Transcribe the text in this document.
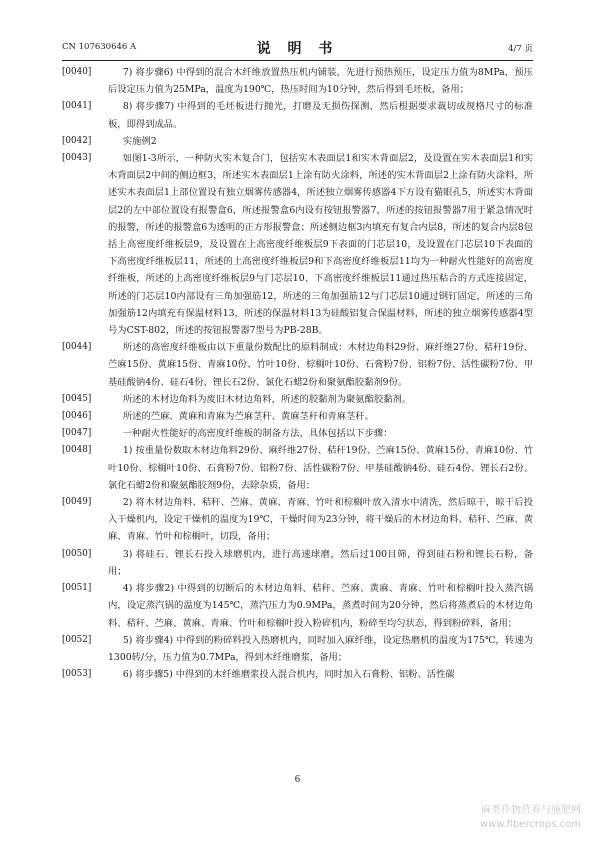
CN 107630646 A	说 明 书	4/7 页
[0040]	7) 将步骤6) 中得到的混合木纤维放置热压机内铺装，先进行预热预压，设定压力值为8MPa，预压后设定压力值为25MPa，温度为190℃，热压时间为10分钟，然后得到毛坯板，备用；
[0041]	8) 将步骤7) 中得到的毛坯板进行抛光，打磨及无损伤探测，然后根据要求裁切成规格尺寸的标准板，即得到成品。
[0042]	实施例2
[0043]	如图1-3所示，一种防火实木复合门，包括实木表面层1和实木背面层2，及设置在实木表面层1和实木背面层2中间的侧边框3，所述实木表面层1上涂有防火涂料，所述的实木背面层2上涂有防火涂料，所述实木表面层1上部位置设有独立烟雾传感器4，所述独立烟雾传感器4下方设有猫眼孔5，所述实木背面层2的左中部位置设有报警盒6，所述报警盒6内设有按钮报警器7，所述的按钮报警器7用于紧急情况时的报警，所述的报警盒6为透明的正方形报警盒；所述侧边框3内填充有复合内层8，所述的复合内层8包括上高密度纤维板层9，及设置在上高密度纤维板层9下表面的门芯层10，及设置在门芯层10下表面的下高密度纤维板层11，所述的上高密度纤维板层9和下高密度纤维板层11均为一种耐火性能好的高密度纤维板，所述的上高密度纤维板层9与门芯层10、下高密度纤维板层11通过热压粘合的方式连接固定，所述的门芯层10内部设有三角加强筋12，所述的三角加强筋12与门芯层10通过钢钉固定，所述的三角加强筋12内填充有保温材料13，所述的保温材料13为硅酸铝复合保温材料，所述的独立烟雾传感器4型号为CST-802，所述的按钮报警器7型号为PB-28B。
[0044]	所述的高密度纤维板由以下重量份数配比的原料制成：木材边角料29份、麻纤维27份、秸秆19份、苎麻15份、黄麻15份、青麻10份、竹叶10份、棕榈叶10份、石膏粉7份、铝粉7份、活性碳粉7份、甲基硅酸钠4份、硅石4份、锂长石2份、氯化石蜡2份和聚氨酯胶黏剂9份。
[0045]	所述的木材边角料为废旧木材边角料，所述的胶黏剂为聚氨酯胶黏剂。
[0046]	所述的苎麻、黄麻和青麻为苎麻茎秆、黄麻茎秆和青麻茎秆。
[0047]	一种耐火性能好的高密度纤维板的制备方法，具体包括以下步骤：
[0048]	1) 按重量份数取木材边角料29份、麻纤维27份、秸秆19份、苎麻15份、黄麻15份、青麻10份、竹叶10份、棕榈叶10份、石膏粉7份、铝粉7份、活性碳粉7份、甲基硅酸钠4份、硅石4份、锂长石2份、氯化石蜡2份和聚氨酯胶剂9份，去除杂质，备用；
[0049]	2) 将木材边角料、秸秆、苎麻、黄麻、青麻、竹叶和棕榈叶放入清水中清洗，然后晾干，晾干后投入干燥机内，设定干燥机的温度为19℃，干燥时间为23分钟，将干燥后的木材边角料、秸秆、苎麻、黄麻、青麻、竹叶和棕榈叶，切段，备用；
[0050]	3) 将硅石、锂长石投入球磨机内，进行高速球磨，然后过100目筛，得到硅石粉和锂长石粉，备用；
[0051]	4) 将步骤2) 中得到的切断后的木材边角料、秸秆、苎麻、黄麻、青麻、竹叶和棕榈叶投入蒸汽锅内，设定蒸汽锅的温度为145℃，蒸汽压力为0.9MPa，蒸煮时间为20分钟，然后将蒸煮后的木材边角料、秸秆、苎麻、黄麻、青麻、竹叶和棕榈叶投入粉碎机内，粉碎至均匀状态，得到粉碎料，备用；
[0052]	5) 将步骤4) 中得到的粉碎料投入热磨机内，同时加入麻纤维，设定热磨机的温度为175℃，转速为1300转/分，压力值为0.7MPa，得到木纤维磨浆，备用；
[0053]	6) 将步骤5) 中得到的木纤维磨浆投入混合机内，同时加入石膏粉、铝粉、活性碳
6
麻类作物营养与施肥网
www.fibercrops.com
